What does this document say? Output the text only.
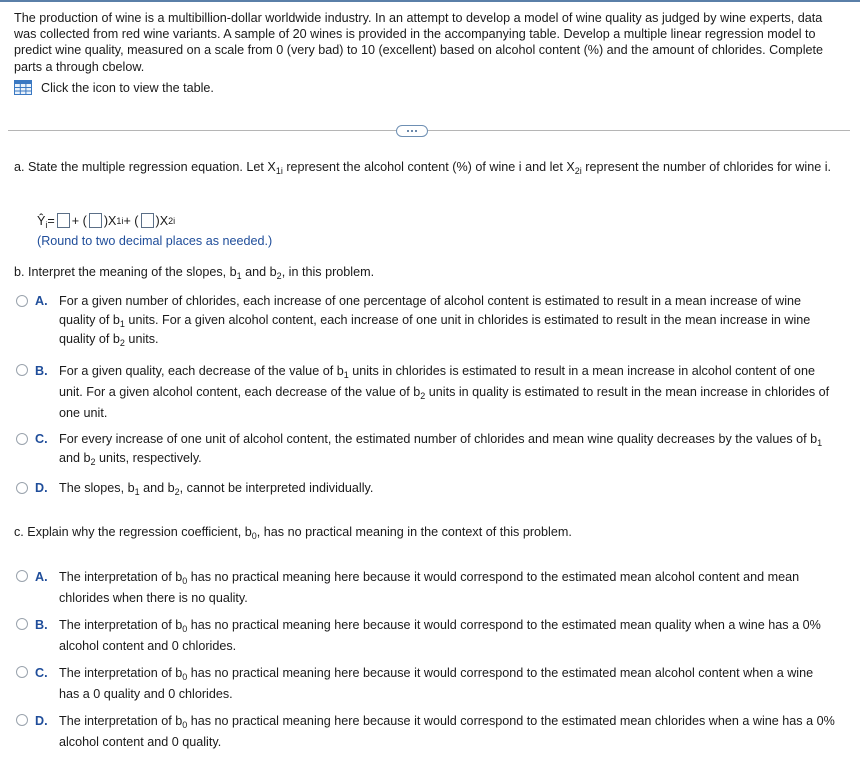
The production of wine is a multibillion-dollar worldwide industry. In an attempt to develop a model of wine quality as judged by wine experts, data was collected from red wine variants. A sample of 20 wines is provided in the accompanying table. Develop a multiple linear regression model to predict wine quality, measured on a scale from 0 (very bad) to 10 (excellent) based on alcohol content (%) and the amount of chlorides. Complete parts a through cbelow.
Click the icon to view the table.
a. State the multiple regression equation. Let $X_{1i}$ represent the alcohol content (%) of wine i and let $X_{2i}$ represent the number of chlorides for wine i.
$Ŷ_i$ = + ( )X 1i + ( )X 2i
(Round to two decimal places as needed.)
b. Interpret the meaning of the slopes, $b_1$ and $b_2$, in this problem.
A. For a given number of chlorides, each increase of one percentage of alcohol content is estimated to result in a mean increase of wine quality of $b_1$ units. For a given alcohol content, each increase of one unit in chlorides is estimated to result in the mean increase in wine quality of $b_2$ units.
B. For a given quality, each decrease of the value of $b_1$ units in chlorides is estimated to result in a mean increase in alcohol content of one unit. For a given alcohol content, each decrease of the value of $b_2$ units in quality is estimated to result in the mean increase in chlorides of one unit.
C. For every increase of one unit of alcohol content, the estimated number of chlorides and mean wine quality decreases by the values of $b_1$ and $b_2$ units, respectively.
D. The slopes, $b_1$ and $b_2$, cannot be interpreted individually.
c. Explain why the regression coefficient, $b_0$, has no practical meaning in the context of this problem.
A. The interpretation of $b_0$ has no practical meaning here because it would correspond to the estimated mean alcohol content and mean chlorides when there is no quality.
B. The interpretation of $b_0$ has no practical meaning here because it would correspond to the estimated mean quality when a wine has a 0% alcohol content and 0 chlorides.
C. The interpretation of $b_0$ has no practical meaning here because it would correspond to the estimated mean alcohol content when a wine has a 0 quality and 0 chlorides.
D. The interpretation of $b_0$ has no practical meaning here because it would correspond to the estimated mean chlorides when a wine has a 0% alcohol content and 0 quality.
